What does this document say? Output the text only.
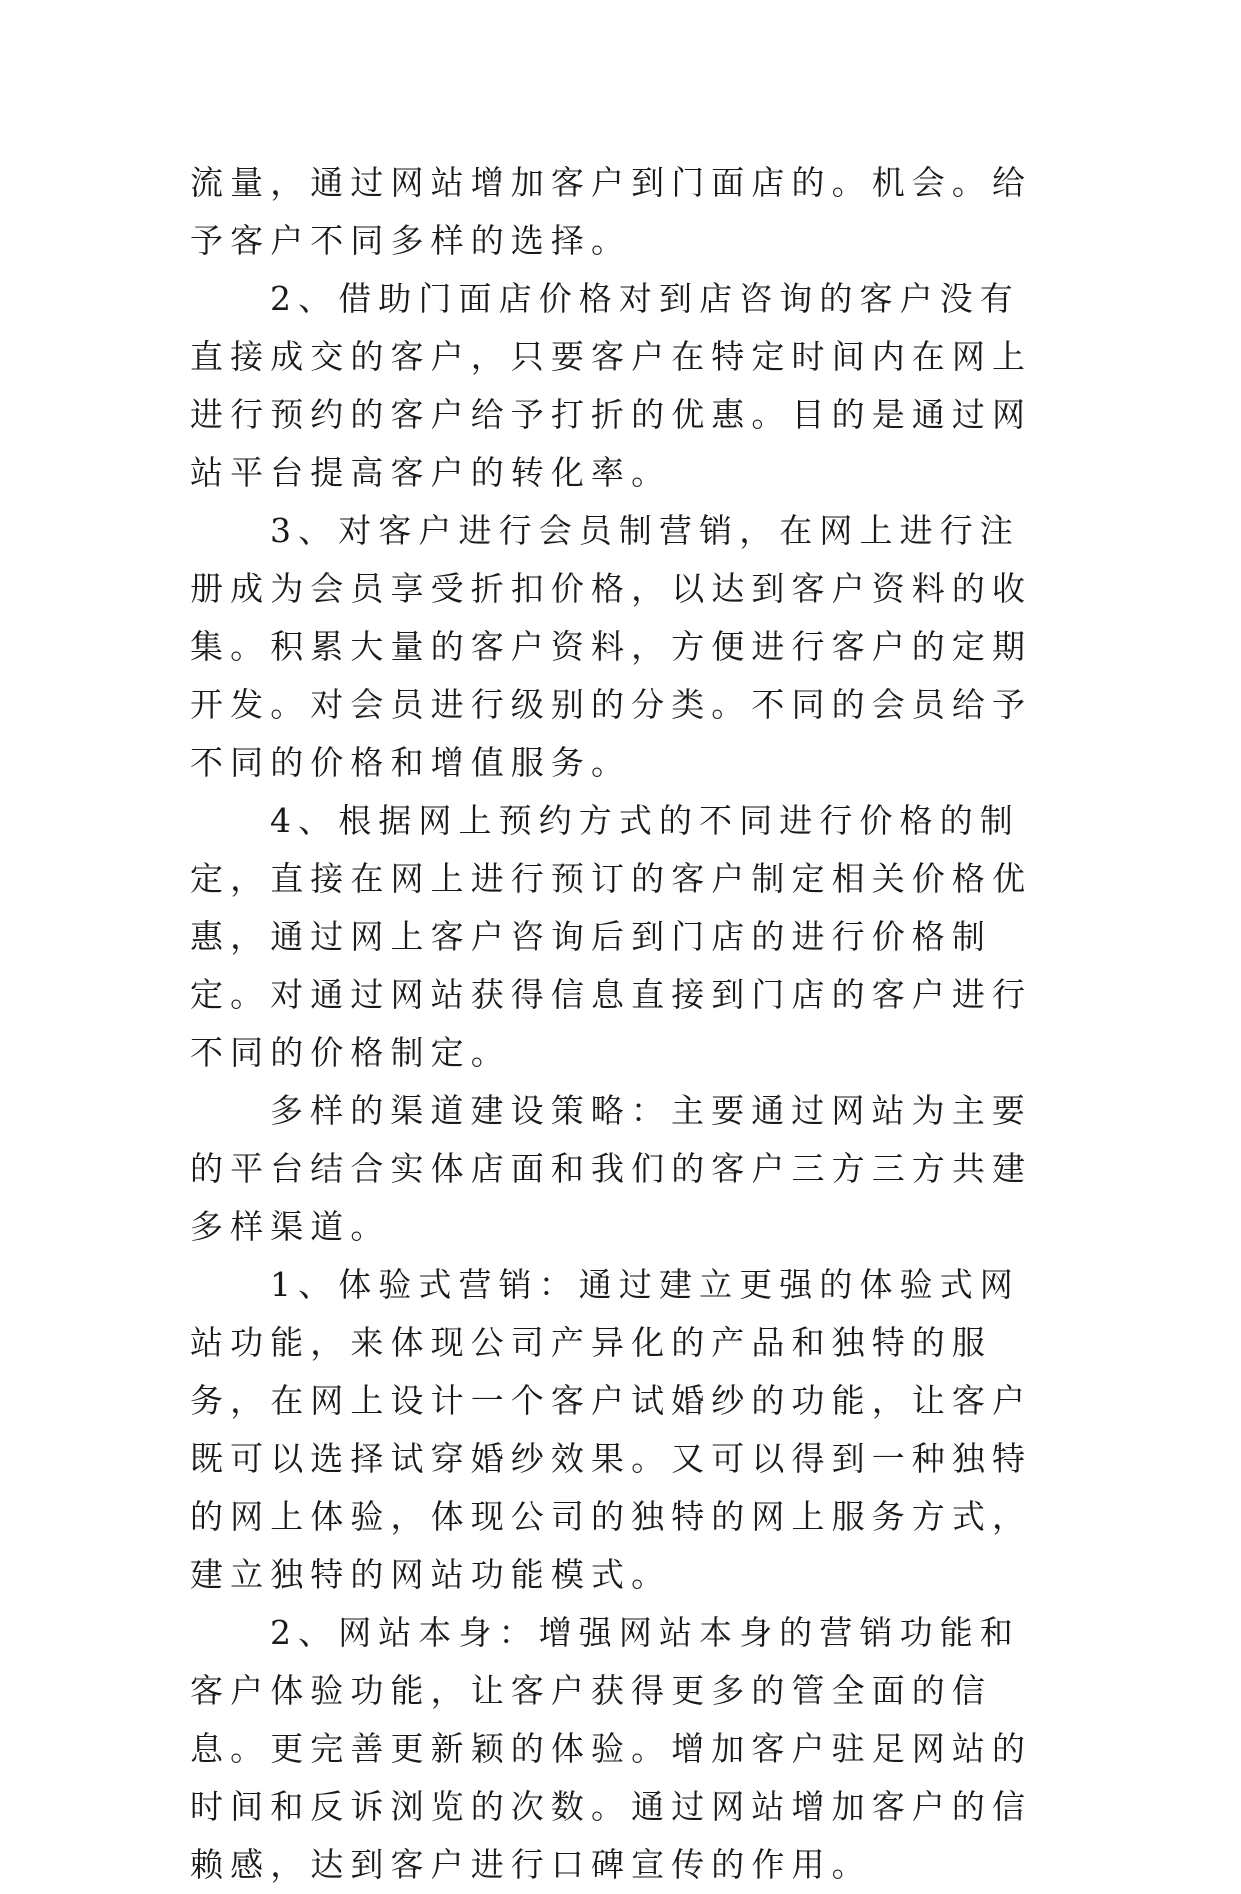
流量，通过网站增加客户到门面店的。机会。给予客户不同多样的选择。

2、借助门面店价格对到店咨询的客户没有直接成交的客户，只要客户在特定时间内在网上进行预约的客户给予打折的优惠。目的是通过网站平台提高客户的转化率。

3、对客户进行会员制营销，在网上进行注册成为会员享受折扣价格，以达到客户资料的收集。积累大量的客户资料，方便进行客户的定期开发。对会员进行级别的分类。不同的会员给予不同的价格和增值服务。

4、根据网上预约方式的不同进行价格的制定，直接在网上进行预订的客户制定相关价格优惠，通过网上客户咨询后到门店的进行价格制定。对通过网站获得信息直接到门店的客户进行不同的价格制定。

多样的渠道建设策略：主要通过网站为主要的平台结合实体店面和我们的客户三方三方共建多样渠道。

1、体验式营销：通过建立更强的体验式网站功能，来体现公司产异化的产品和独特的服务，在网上设计一个客户试婚纱的功能，让客户既可以选择试穿婚纱效果。又可以得到一种独特的网上体验，体现公司的独特的网上服务方式，建立独特的网站功能模式。

2、网站本身：增强网站本身的营销功能和客户体验功能，让客户获得更多的管全面的信息。更完善更新颖的体验。增加客户驻足网站的时间和反诉浏览的次数。通过网站增加客户的信赖感，达到客户进行口碑宣传的作用。
